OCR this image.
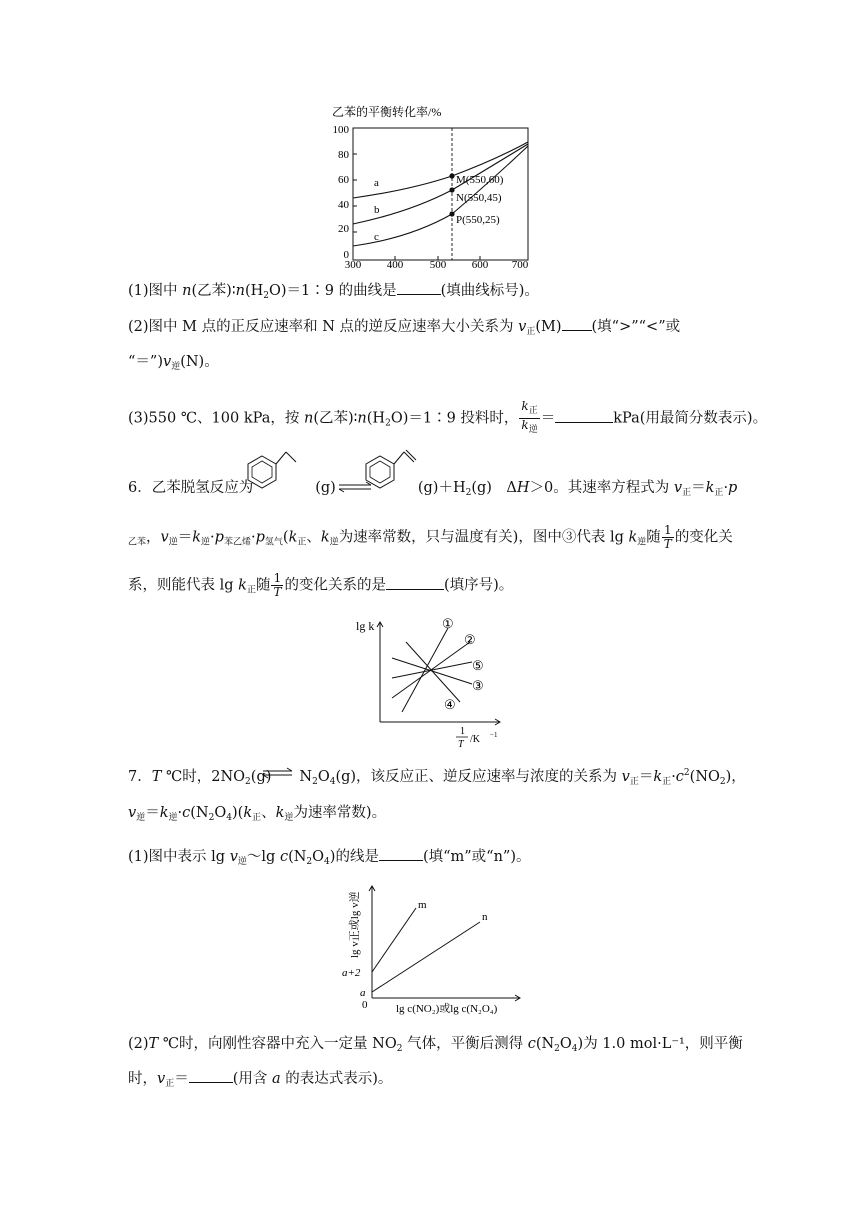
乙苯的平衡转化率/%
100
80
60
40
20
0
300 400 500 600 700
a
b
c
M(550,60)
N(550,45)
P(550,25)
(1)图中 n(乙苯)$∶n(H_2O)=1∶9$ 的曲线是	(填曲线标号)。
(2)图中 M 点的正反应速率和 N 点的逆反应速率大小关系为 $v_正(M)$ (填“>”“<”或
“$=”)v_逆(N)$。
(3)550 ℃、100 kPa，按 n(乙苯)$∶n(H_2O)=1∶9$ 投料时， $\frac{k_正}{k_逆}$ ＝	kPa(用最简分数表示)。
6．乙苯脱氢反应为	(g)	$(g)+H_2(g)$　ΔH＞0。其速率方程式为 $v_正=k_正\cdot p$
$_{乙苯}$，$v_逆=k_逆\cdot p_{苯乙烯}\cdot p_{氢气}(k_正$、$k_逆$为速率常数，只与温度有关)，图中③代表 $\lg k_逆$随 $\frac{1}{T}$ 的变化关
系，则能代表 $\lg k_正$随 $\frac{1}{T}$ 的变化关系的是	(填序号)。
lg k	①
②
⑤
③
④
1
T /K −1
7．T ℃时，$2NO_2(g)$ $N_2O_4(g)$，该反应正、逆反应速率与浓度的关系为 $v_正=k_正\cdot c^2(NO_2)$，
$v_逆=k_逆\cdot c(N_2O_4)(k_正$、$k_逆$为速率常数)。
(1)图中表示 $\lg v_逆\sim\lg$ $c(N_2O_4)$的线是	(填“m”或“n”)。
lg v正或lg v逆	m
n
a+2
a
0	lg c(NO₂)或lg c(N₂O₄)
(2)T ℃时，向刚性容器中充入一定量 $NO_2$ 气体，平衡后测得 $c(N_2O_4)$为 1.0 mol·L⁻¹，则平衡
时，$v_正=$	(用含 a 的表达式表示)。
